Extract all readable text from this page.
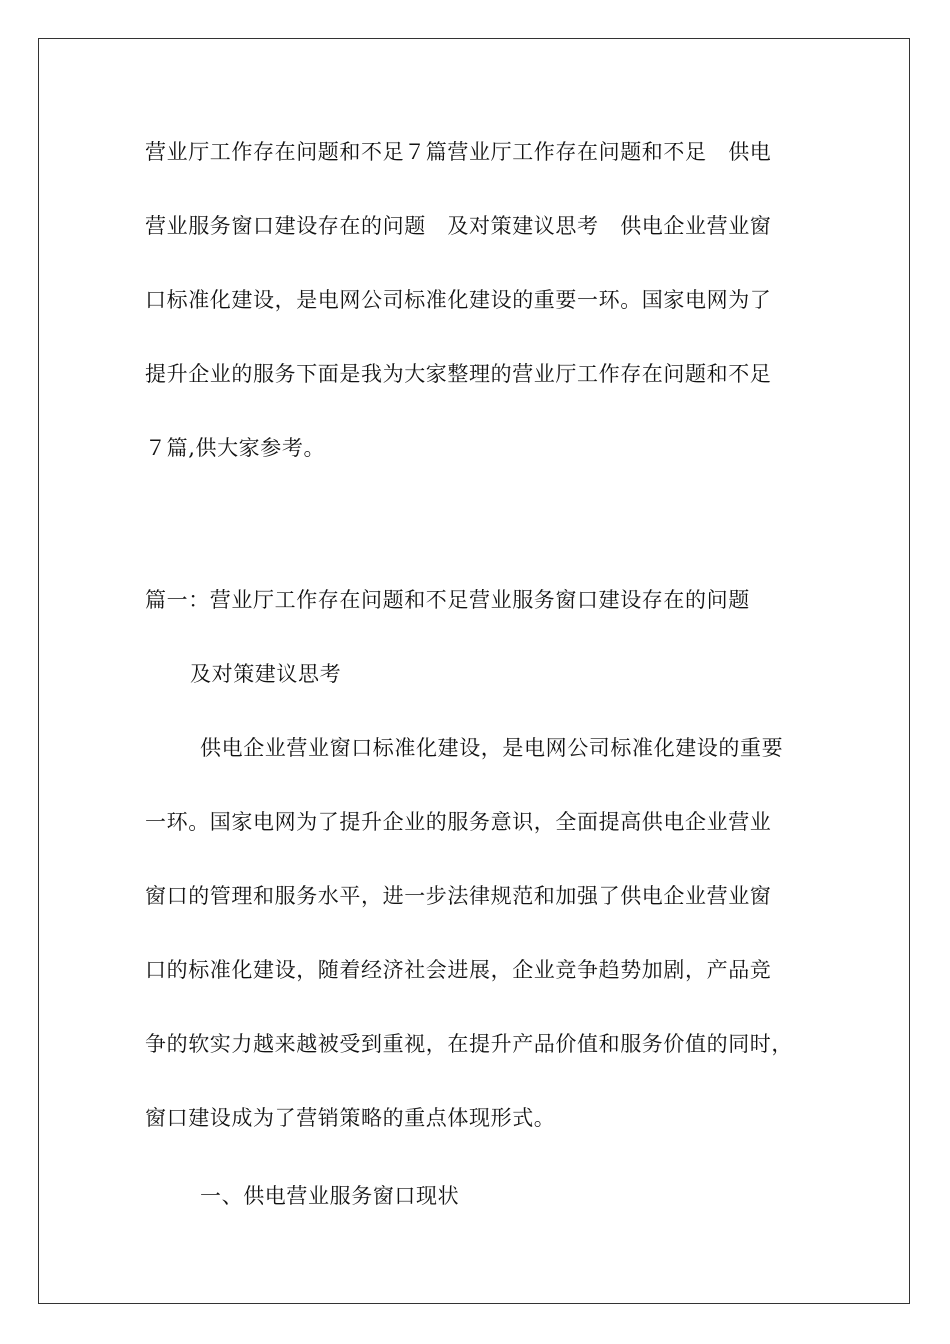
营业厅工作存在问题和不足７篇营业厅工作存在问题和不足　供电
营业服务窗口建设存在的问题　及对策建议思考　供电企业营业窗
口标准化建设，是电网公司标准化建设的重要一环。国家电网为了
提升企业的服务下面是我为大家整理的营业厅工作存在问题和不足
７篇,供大家参考。
篇一：营业厅工作存在问题和不足营业服务窗口建设存在的问题
及对策建议思考
供电企业营业窗口标准化建设，是电网公司标准化建设的重要
一环。国家电网为了提升企业的服务意识，全面提高供电企业营业
窗口的管理和服务水平，进一步法律规范和加强了供电企业营业窗
口的标准化建设，随着经济社会进展，企业竞争趋势加剧，产品竞
争的软实力越来越被受到重视，在提升产品价值和服务价值的同时，
窗口建设成为了营销策略的重点体现形式。
一、供电营业服务窗口现状
